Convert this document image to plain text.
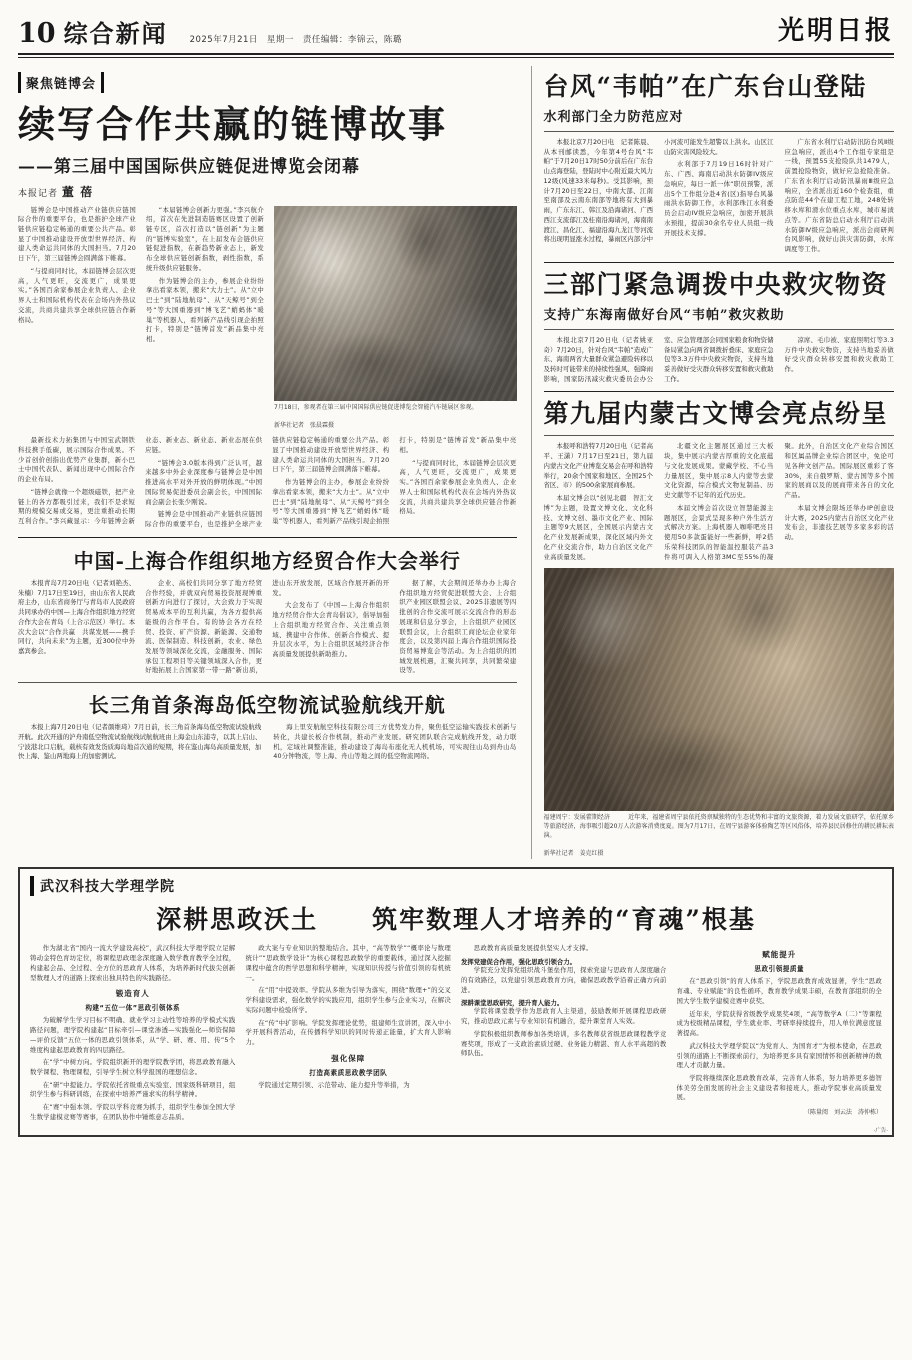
10 综合新闻	2025年7月21日　星期一　责任编辑：李锦云，陈璐	光明日报
聚焦链博会
续写合作共赢的链博故事
——第三届中国国际供应链促进博览会闭幕
本报记者 董 蓓

链博会是中国推动产业链供应链国际合作的重要平台，也是推护全球产业链供应链稳定畅通的重要公共产品。彰显了中国推动建设开放型世界经济、构建人类命运共同体的大国担当。7月20日下午，第三届链博会圆满落下帷幕。

“与提商同时比，本届链博会层次更高，人气更旺，交流更广，成果更实。”各国百余家参展企业负责人、企业界人士和国际机构代表在会场内外热议交流，共商共建共享全球供应链合作新格局。

“本届链博会创新力更强。”李兴航介绍，首次在先进制造链赛区设置了创新链专区，首次打造以“链创新”为主题的“链博实验室”，在上届发布会链供应链促进指数，在新趋势新业态上，新发布全球供应链创新指数，剥性指数，系统升级供应链服务。

作为链博会的主办，参展企业纷纷拿出看家本领，搬来“大力士”。从“立中巴士”到“陆地航母”、从“天鲸号”到全号“等大国重器到“博飞艺”蛸蚂体“暖巢”等机器人，看列新产品线引现企拍照打卡，特别是“链博首发”新品集中亮相。

7月18日，参观者在第三届中国国际供应链促进博览会智能汽车链展区参观。

新华社记者　张晨霖摄

最新技术力拓集团与中国宝武钢铁科技携手低碳，展示国际合作成果。不少首创价创指出优势产业集群，新小巴士中国代表队、新闻出现中心国际合作的企业布局。

“链博会就像一个超级磁铁，把产业链上的各方都吸引过来，我们不是求短期的规模交易或交易，更注重推动长期互利合作。”李兴藏显示：今年链博会新业态、新业态、新业态、新业态展在供应链。

“链博会3.0版本得到广泛认可，越来越多中外企业深度参与链博会是中国推进高水平对外开放的鲜明体现。”中国国际贸易促进委员会副会长，中国国际商会副会长张少刚说。

链博会是中国推动产业链供应链国际合作的重要平台，也是推护全球产业链供应链稳定畅通的重要公共产品。彰显了中国推动建设开放型世界经济、构建人类命运共同体的大国担当。7月20日下午，第三届链博会圆满落下帷幕。

作为链博会的主办，参展企业纷纷拿出看家本领，搬来“大力士”。从“立中巴士”到“陆地航母”、从“天鲸号”到全号“等大国重器到“博飞艺”蛸蚂体“暖巢”等机器人，看列新产品线引现企拍照打卡，特别是“链博首发”新品集中亮相。

“与提商同时比，本届链博会层次更高，人气更旺，交流更广，成果更实。”各国百余家参展企业负责人、企业界人士和国际机构代表在会场内外热议交流，共商共建共享全球供应链合作新格局。

中国-上海合作组织地方经贸合作大会举行

本报青岛7月20日电（记者刘艳杰、朱楠）7月17日至19日，由山东省人民政府主办，山东省商务厅与青岛市人民政府共同承办的中国—上海合作组织地方经贸合作大会在青岛（上合示范区）举行。本次大会以“合作共赢　共谋发展——携手同行，共向未来”为主题，近300位中外嘉宾参会。

企业、高校们共同分享了地方经贸合作经验，并就双向贸易投资展现博重创新方向进行了探讨，大会致力于实现贸易成本平的互利共赢，为各方提供高能级的合作平台。有的协会各方在经贸、投资、矿产资源、新能源、交通物流、医保制造、科技创新，农业、绿色发展等领域深化交流，金融服务、国际承包工程项目等关键领域深入合作，更好地拓展上合国家第一带一路“新出质，进山东开放发展，区域合作展开新的开发。

大会发布了《中国—上海合作组织地方经贸合作大会青岛倡议》，倡导加强上合组织地方经贸合作、关注重点领域、携建中合作体、创新合作模式、提升层次水平，为上合组织区域经济合作高质量发展提供新助推力。

据了解，大会期间还举办办上海合作组织地方经贸促进联盟大会、上合组织产业园区联盟会议、2025非遗展等四批创的合作交流可展示交流合作的形态展现和信息分享会，上合组织产业园区联盟会议，上合组织工商论坛企业家年度会，以及第四届上海合作组织国际投资贸易博览会等活动。为上合组织的团城发展机遇，汇聚共同享，共同繁荣建设等。

长三角首条海岛低空物流试验航线开航

本报上海7月20日电（记者颜维琦）7月日前，长三角首条海岛低空物流试验航线开航。此次开通的沪舟南低空物流试验航线试航航班由上海金山东浦寺，以其上启山、宁波港北口启航，载核有效发货质海岛地首次通的短期，将在鉴山海岛高质量发展，加快上海、鉴山两地海上的加密测试。

海上里安航航空科技有限公司三方优势发力件，聚焦低空运输实践技术创新与转化，共建长板合作机制，推动产业发展。研究团队联合完成航线开发，动力联机，定域社调整准能，推动建设了海岛布座化无人机机场，可实现往山岛到舟山岛40分钟物流，等上海、舟山等地之间的低空物流网络。

台风“韦帕”在广东台山登陆
水利部门全力防范应对

本报北京7月20日电　记者陈晨、从本刊邮读悉，今年第4号台风“韦帕”于7月20日17时50分前后在广东台山点海登陆，登陆时中心附近最大风力12级(风速33米每秒)。受其影响，预计7月20日至22日，中南大部、江南至南部及云南东南部等地将有大到暴雨，广东东江、韩江及沿海诸河、广西西江支流郁江及桂南沿海诸河，海南南渡江、昌化江、福建沿海九龙江等河流将出现明显涨水过程，暴雨区内部分中小河流可能发生超警以上洪水。山区江山防灾害风险较大。

水利部于7月19日16时针对广东、广西、海南启动洪水防御IV级应急响应，每日一派一体“职员预警，派出5个工作组分赴4省(区)指导台风暴雨洪水防御工作，水利部珠江水利委员会启动IV级应急响应，加密开展洪水预报，提前30余名专业人员组一线开展技术支撑。

广东省水利厅启动防汛防台风Ⅱ级应急响应，派出4个工作组专家组是一线，预置55支抢险队共1479人，前置抢险物资，做好应急抢险准备。广东省水利厅启动防汛暴雨Ⅲ级应急响应，全省派出近160个检查组，重点防范44个在建工程工地，248处转移水库和滑水位重点水库，城市易渍点等。广东省防总启动水利厅启动洪水防御Ⅳ级应急响应，派出会商研判台风影响，做好山洪灾害防御，水库调度等工作。

三部门紧急调拨中央救灾物资
支持广东海南做好台风“韦帕”救灾救助

本报北京7月20日电（记者姚亚奇）7月20日，针对台风“韦帕”造成广东、海南两省大量群众紧急避险转移以及转时可能带来的持续性强风、强降雨影响，国家防汛减灾救灾委员会办公室、应急管理部会同国家粮食和物资储备局紧急向两省调拨折叠床、家庭应急包等3.3万件中央救灾物资，支持当地妥善做好受灾群众转移安置和救灾救助工作。

凉席、毛巾被、家庭照明灯等3.3万件中央救灾物资，支持当地妥善做好受灾群众转移安置和救灾救助工作。

第九届内蒙古文博会亮点纷呈

本报呼和浩特7月20日电（记者高平、王潇）7月17日至21日，第九届内蒙古文化产业博览交易会在呼和浩特举行，20余个国家和地区、全国25个省区、市）的500余家展商参展。

本届文博会以“创见北疆　智汇文博”为主题，设置文博文化、文化科技、文博文创、墨市文化产业、国际主题等9大展区，全国展示内蒙古文化产业发展新成果，深化区域内外文化产业交流合作，助力自治区文化产业高质量发展。

北疆文化主题展区通过三大板块，集中展示内蒙古厚重的文化底蕴与文化发展成果。蒙藏学校、不心当力量展区，集中展示8人内蒙等去蒙文化资源，综合模式文物复制品、历史文献等不记年的近代历史。

本届文博会首次设立智慧能源主题展区，会景式呈现多种户外生活方式解决方案。上海机器人咖啡吧亮目使用50多款蛋能好一些新鲜，呼2搭乐荣科技团队的智能温控服装产品3件将可调入人格第3MC至55%的凝聚。此外，自治区文化产业综合国区和区属品牌企业综合团区中，免论可见各种文创产品。国际展区重彩了客30%，来自俄罗斯、蒙古国等多个国家的展商以及的展商带来各自的文化产品。

本届文博会限场还举办IP创意设计大赛，2025内蒙古自治区文化产业发布会，非遗技艺展等多家多彩的活动。

福建周宁：发展藿期经济　　　近年来，福建省周宁县依托资禀赋独特的生态优势和丰富的文旅资源，着力发展文旅研学，依托原乡等旅游经济，海事吸引超20万人次游客消费度夏。图为7月17日，在周宁县游客体验陶艺等区风俗体，培养县民居修住的耕民耕耘表演。

新华社记者　姜克红摄
武汉科技大学理学院
深耕思政沃土　　筑牢数理人才培养的“育魂”根基

作为湖北省“国内一流大学建设高校”，武汉科技大学理学院立足解铸动金特色育坊定位，将课程思政理念深度融入数学教育教学全过程，构建起会品、全过程、全方位的思政育人体系，为培养新时代拔尖创新型数理人才的道路上探索出独具特色的实践路径。

锻造育人
构建“五位一体”思政引领体系

为破解学生学习目标不明确、就业学习主动性等培养的学模式实践路径问题，理学院构建起“目标牵引—课堂渗透—实践强化—师资保障—评价反馈”五位一体的思政引领体系，从“学、研、赛、用、传”5个维度构建起思政教育的四层路径。

在“学”中树方向。学院组织新开的理学院教学团，将思政教育融入数学课程、物理课程，引导学生树立科学报国的理想信念。

在“研”中提能力。学院依托省级重点实验室、国家级科研项目，组织学生参与科研训练，在探索中培养严谨求实的科学精神。

在“赛”中强本领。学院以学科竞赛为抓手，组织学生参加全国大学生数学建模竞赛等赛事，在团队协作中锤炼意志品质。

政大案与专业知识的整地结合。其中，“高等数学”“概率论与数理统计”“思政数学设计”为核心课程思政数学的重要载体，通过深入挖掘课程中蕴含的哲学思想和科学精神，实现知识传授与价值引领的有机统一。

在“用”中提效率。学院从多维为引导为落实，围绕“数理+”的交叉学科建设需求，强化数学的实践应用，组织学生参与企业实习，在解决实际问题中检验所学。

在“传”中扩影响。学院发挥理论优势，组建师生宣讲团，深入中小学开展科普活动，在传播科学知识的同时传递正能量，扩大育人影响力。

强化保障
打造高素质思政教学团队

学院通过定期引领、示范带动、能力提升等举措，为

思政教育高质量发展提供坚实人才支撑。

发挥党建促合作用，强化思政引领合力。

学院充分发挥党组织战斗堡垒作用，探索党建与思政育人深度融合的有效路径，以党建引领思政教育方向，确保思政教学沿着正确方向前进。

深耕课堂思政研究，提升育人能力。

学院将课堂教学作为思政育人主渠道，鼓励教师开展课程思政研究，推动思政元素与专业知识有机融合，提升课堂育人实效。

学院积极组织教师参加各类培训，多名教师获省级思政课程教学竞赛奖项，形成了一支政治素质过硬、业务能力精湛、育人水平高超的教师队伍。

赋能提升
思政引领提质量

在“思政引领”的育人体系下，学院思政教育成效显著，学生“思政育魂、专业赋能”的良性循环，教育教学成果丰硕，在教育部组织的全国大学生数学建模竞赛中获奖。

近年来，学院获得省级教学成果奖4项，“高等数学A（二）”等课程成为校级精品课程，学生就业率、考研率持续提升，用人单位满意度显著提高。

武汉科技大学理学院以“为党育人、为国育才”为根本使命，在思政引领的道路上不断探索前行，为培养更多具有家国情怀和创新精神的数理人才贡献力量。

学院将继续深化思政教育改革，完善育人体系，努力培养更多德智体美劳全面发展的社会主义建设者和接班人，推动学院事业高质量发展。

（陈量阅　刘云法　涛仲栋）
·广告·
